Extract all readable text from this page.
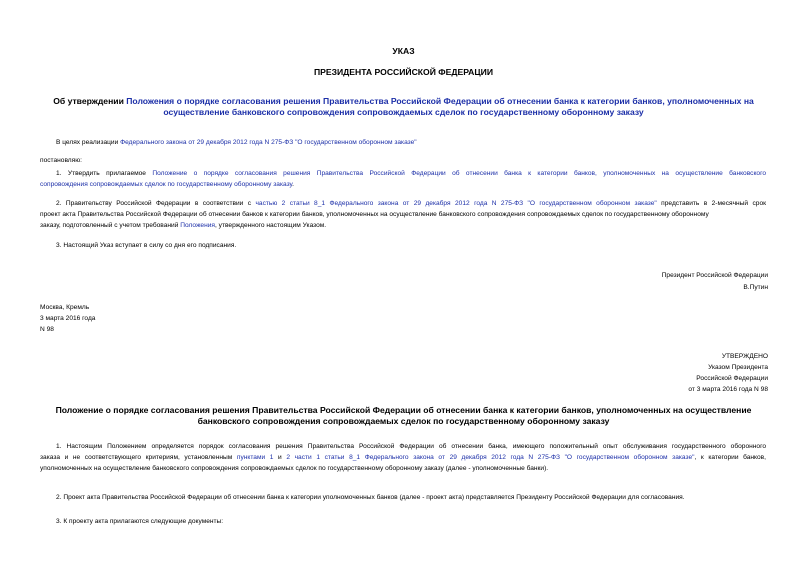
УКАЗ
ПРЕЗИДЕНТА РОССИЙСКОЙ ФЕДЕРАЦИИ
Об утверждении Положения о порядке согласования решения Правительства Российской Федерации об отнесении банка к категории банков, уполномоченных на
осуществление банковского сопровождения сопровождаемых сделок по государственному оборонному заказу
В целях реализации Федерального закона от 29 декабря 2012 года N 275-ФЗ "О государственном оборонном заказе"
постановляю:
1. Утвердить прилагаемое Положение о порядке согласования решения Правительства Российской Федерации об отнесении банка к категории банков, уполномоченных на осуществление банковского
сопровождения сопровождаемых сделок по государственному оборонному заказу.
2. Правительству Российской Федерации в соответствии с частью 2 статьи 8_1 Федерального закона от 29 декабря 2012 года N 275-ФЗ "О государственном оборонном заказе" представить в 2-месячный срок
проект акта Правительства Российской Федерации об отнесении банков к категории банков, уполномоченных на осуществление банковского сопровождения сопровождаемых сделок по государственному оборонному
заказу, подготовленный с учетом требований Положения, утвержденного настоящим Указом.
3. Настоящий Указ вступает в силу со дня его подписания.
Президент Российской Федерации
В.Путин
Москва, Кремль
3 марта 2016 года
N 98
УТВЕРЖДЕНО
Указом Президента
Российской Федерации
от 3 марта 2016 года N 98
Положение о порядке согласования решения Правительства Российской Федерации об отнесении банка к категории банков, уполномоченных на осуществление
банковского сопровождения сопровождаемых сделок по государственному оборонному заказу
1. Настоящим Положением определяется порядок согласования решения Правительства Российской Федерации об отнесении банка, имеющего положительный опыт обслуживания государственного оборонного
заказа и не соответствующего критериям, установленным пунктами 1 и 2 части 1 статьи 8_1 Федерального закона от 29 декабря 2012 года N 275-ФЗ "О государственном оборонном заказе", к категории банков,
уполномоченных на осуществление банковского сопровождения сопровождаемых сделок по государственному оборонному заказу (далее - уполномоченные банки).
2. Проект акта Правительства Российской Федерации об отнесении банка к категории уполномоченных банков (далее - проект акта) представляется Президенту Российской Федерации для согласования.
3. К проекту акта прилагаются следующие документы:
